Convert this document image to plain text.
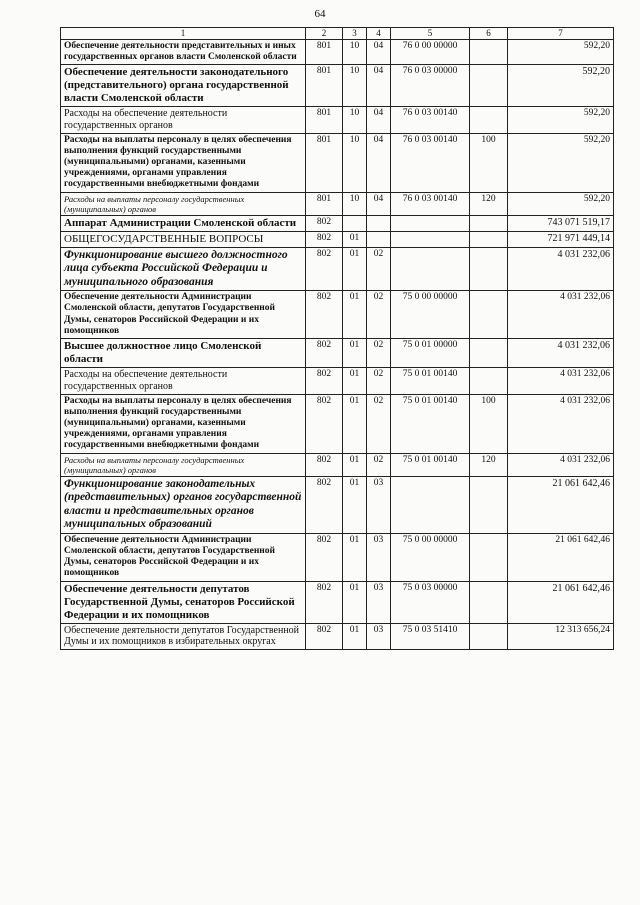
64
1	2	3	4	5	6	7
Обеспечение деятельности представительных и иных государственных органов власти Смоленской области	801	10	04	76 0 00 00000		592,20
Обеспечение деятельности законодательного (представительного) органа государственной власти Смоленской области	801	10	04	76 0 03 00000		592,20
Расходы на обеспечение деятельности государственных органов	801	10	04	76 0 03 00140		592,20
Расходы на выплаты персоналу в целях обеспечения выполнения функций государственными (муниципальными) органами, казенными учреждениями, органами управления государственными внебюджетными фондами	801	10	04	76 0 03 00140	100	592,20
Расходы на выплаты персоналу государственных (муниципальных) органов	801	10	04	76 0 03 00140	120	592,20
Аппарат Администрации Смоленской области	802					743 071 519,17
ОБЩЕГОСУДАРСТВЕННЫЕ ВОПРОСЫ	802	01				721 971 449,14
Функционирование высшего должностного лица субъекта Российской Федерации и муниципального образования	802	01	02			4 031 232,06
Обеспечение деятельности Администрации Смоленской области, депутатов Государственной Думы, сенаторов Российской Федерации и их помощников	802	01	02	75 0 00 00000		4 031 232,06
Высшее должностное лицо Смоленской области	802	01	02	75 0 01 00000		4 031 232,06
Расходы на обеспечение деятельности государственных органов	802	01	02	75 0 01 00140		4 031 232,06
Расходы на выплаты персоналу в целях обеспечения выполнения функций государственными (муниципальными) органами, казенными учреждениями, органами управления государственными внебюджетными фондами	802	01	02	75 0 01 00140	100	4 031 232,06
Расходы на выплаты персоналу государственных (муниципальных) органов	802	01	02	75 0 01 00140	120	4 031 232,06
Функционирование законодательных (представительных) органов государственной власти и представительных органов муниципальных образований	802	01	03			21 061 642,46
Обеспечение деятельности Администрации Смоленской области, депутатов Государственной Думы, сенаторов Российской Федерации и их помощников	802	01	03	75 0 00 00000		21 061 642,46
Обеспечение деятельности депутатов Государственной Думы, сенаторов Российской Федерации и их помощников	802	01	03	75 0 03 00000		21 061 642,46
Обеспечение деятельности депутатов Государственной Думы и их помощников в избирательных округах	802	01	03	75 0 03 51410		12 313 656,24
